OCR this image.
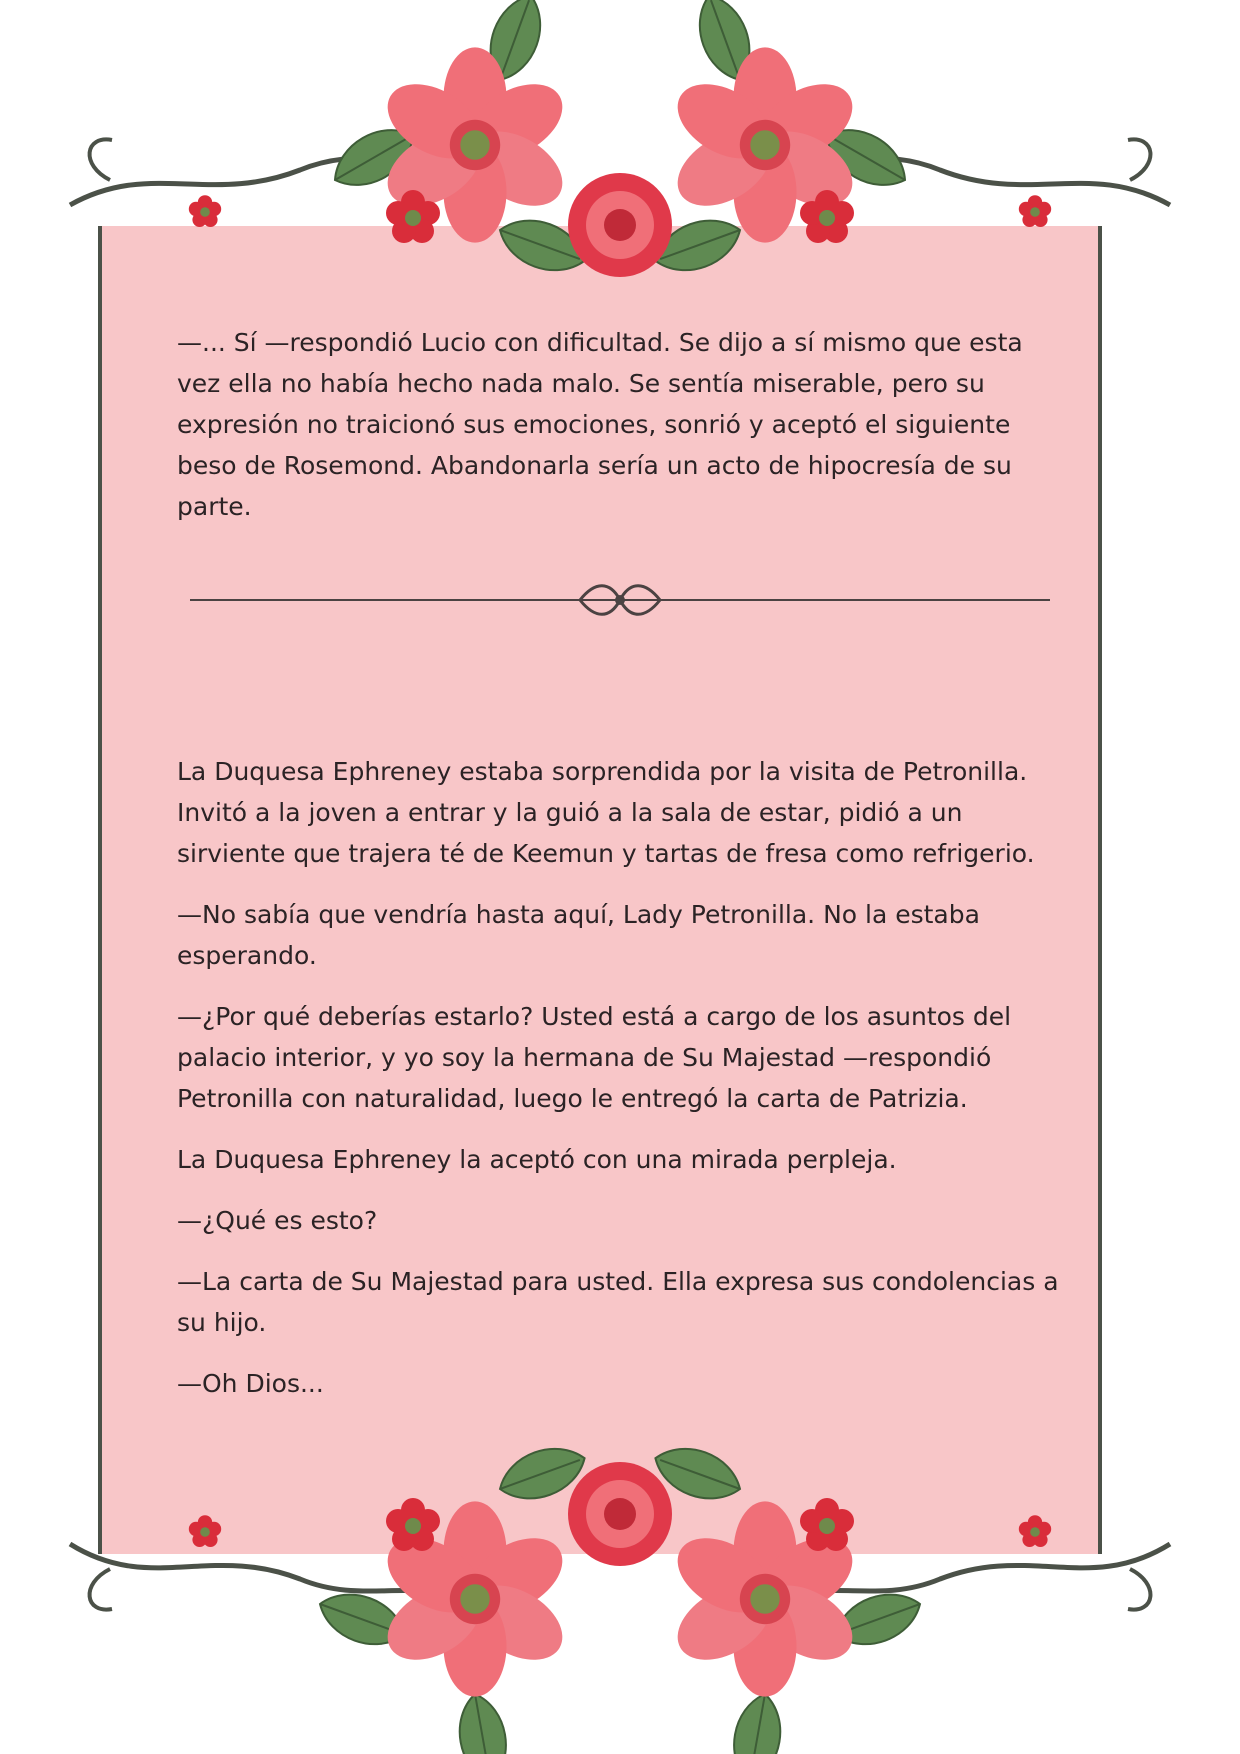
—... Sí —respondió Lucio con dificultad. Se dijo a sí mismo que esta vez ella no había hecho nada malo. Se sentía miserable, pero su expresión no traicionó sus emociones, sonrió y aceptó el siguiente beso de Rosemond. Abandonarla sería un acto de hipocresía de su parte.

La Duquesa Ephreney estaba sorprendida por la visita de Petronilla. Invitó a la joven a entrar y la guió a la sala de estar, pidió a un sirviente que trajera té de Keemun y tartas de fresa como refrigerio.

—No sabía que vendría hasta aquí, Lady Petronilla. No la estaba esperando.

—¿Por qué deberías estarlo? Usted está a cargo de los asuntos del palacio interior, y yo soy la hermana de Su Majestad —respondió Petronilla con naturalidad, luego le entregó la carta de Patrizia.

La Duquesa Ephreney la aceptó con una mirada perpleja.

—¿Qué es esto?

—La carta de Su Majestad para usted. Ella expresa sus condolencias a su hijo.

—Oh Dios...
